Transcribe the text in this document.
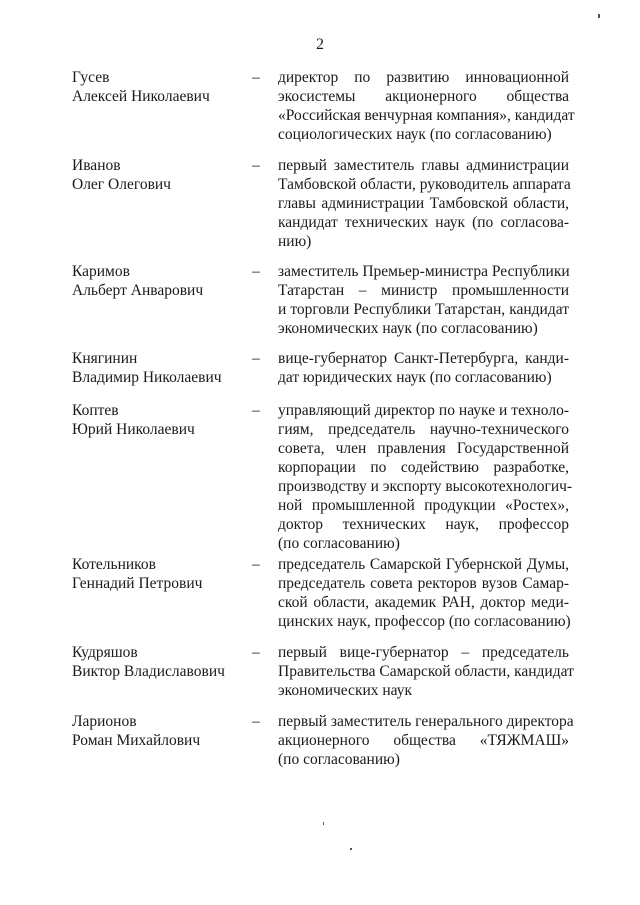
2
Гусев
Алексей Николаевич
– директор по развитию инновационной
экосистемы акционерного общества
«Российская венчурная компания», кандидат
социологических наук (по согласованию)
Иванов
Олег Олегович
– первый заместитель главы администрации
Тамбовской области, руководитель аппарата
главы администрации Тамбовской области,
кандидат технических наук (по согласова-
нию)
Каримов
Альберт Анварович
– заместитель Премьер-министра Республики
Татарстан – министр промышленности
и торговли Республики Татарстан, кандидат
экономических наук (по согласованию)
Княгинин
Владимир Николаевич
– вице-губернатор Санкт-Петербурга, канди-
дат юридических наук (по согласованию)
Коптев
Юрий Николаевич
– управляющий директор по науке и техноло-
гиям, председатель научно-технического
совета, член правления Государственной
корпорации по содействию разработке,
производству и экспорту высокотехнологич-
ной промышленной продукции «Ростех»,
доктор технических наук, профессор
(по согласованию)
Котельников
Геннадий Петрович
– председатель Самарской Губернской Думы,
председатель совета ректоров вузов Самар-
ской области, академик РАН, доктор меди-
цинских наук, профессор (по согласованию)
Кудряшов
Виктор Владиславович
– первый вице-губернатор – председатель
Правительства Самарской области, кандидат
экономических наук
Ларионов
Роман Михайлович
– первый заместитель генерального директора
акционерного общества «ТЯЖМАШ»
(по согласованию)
